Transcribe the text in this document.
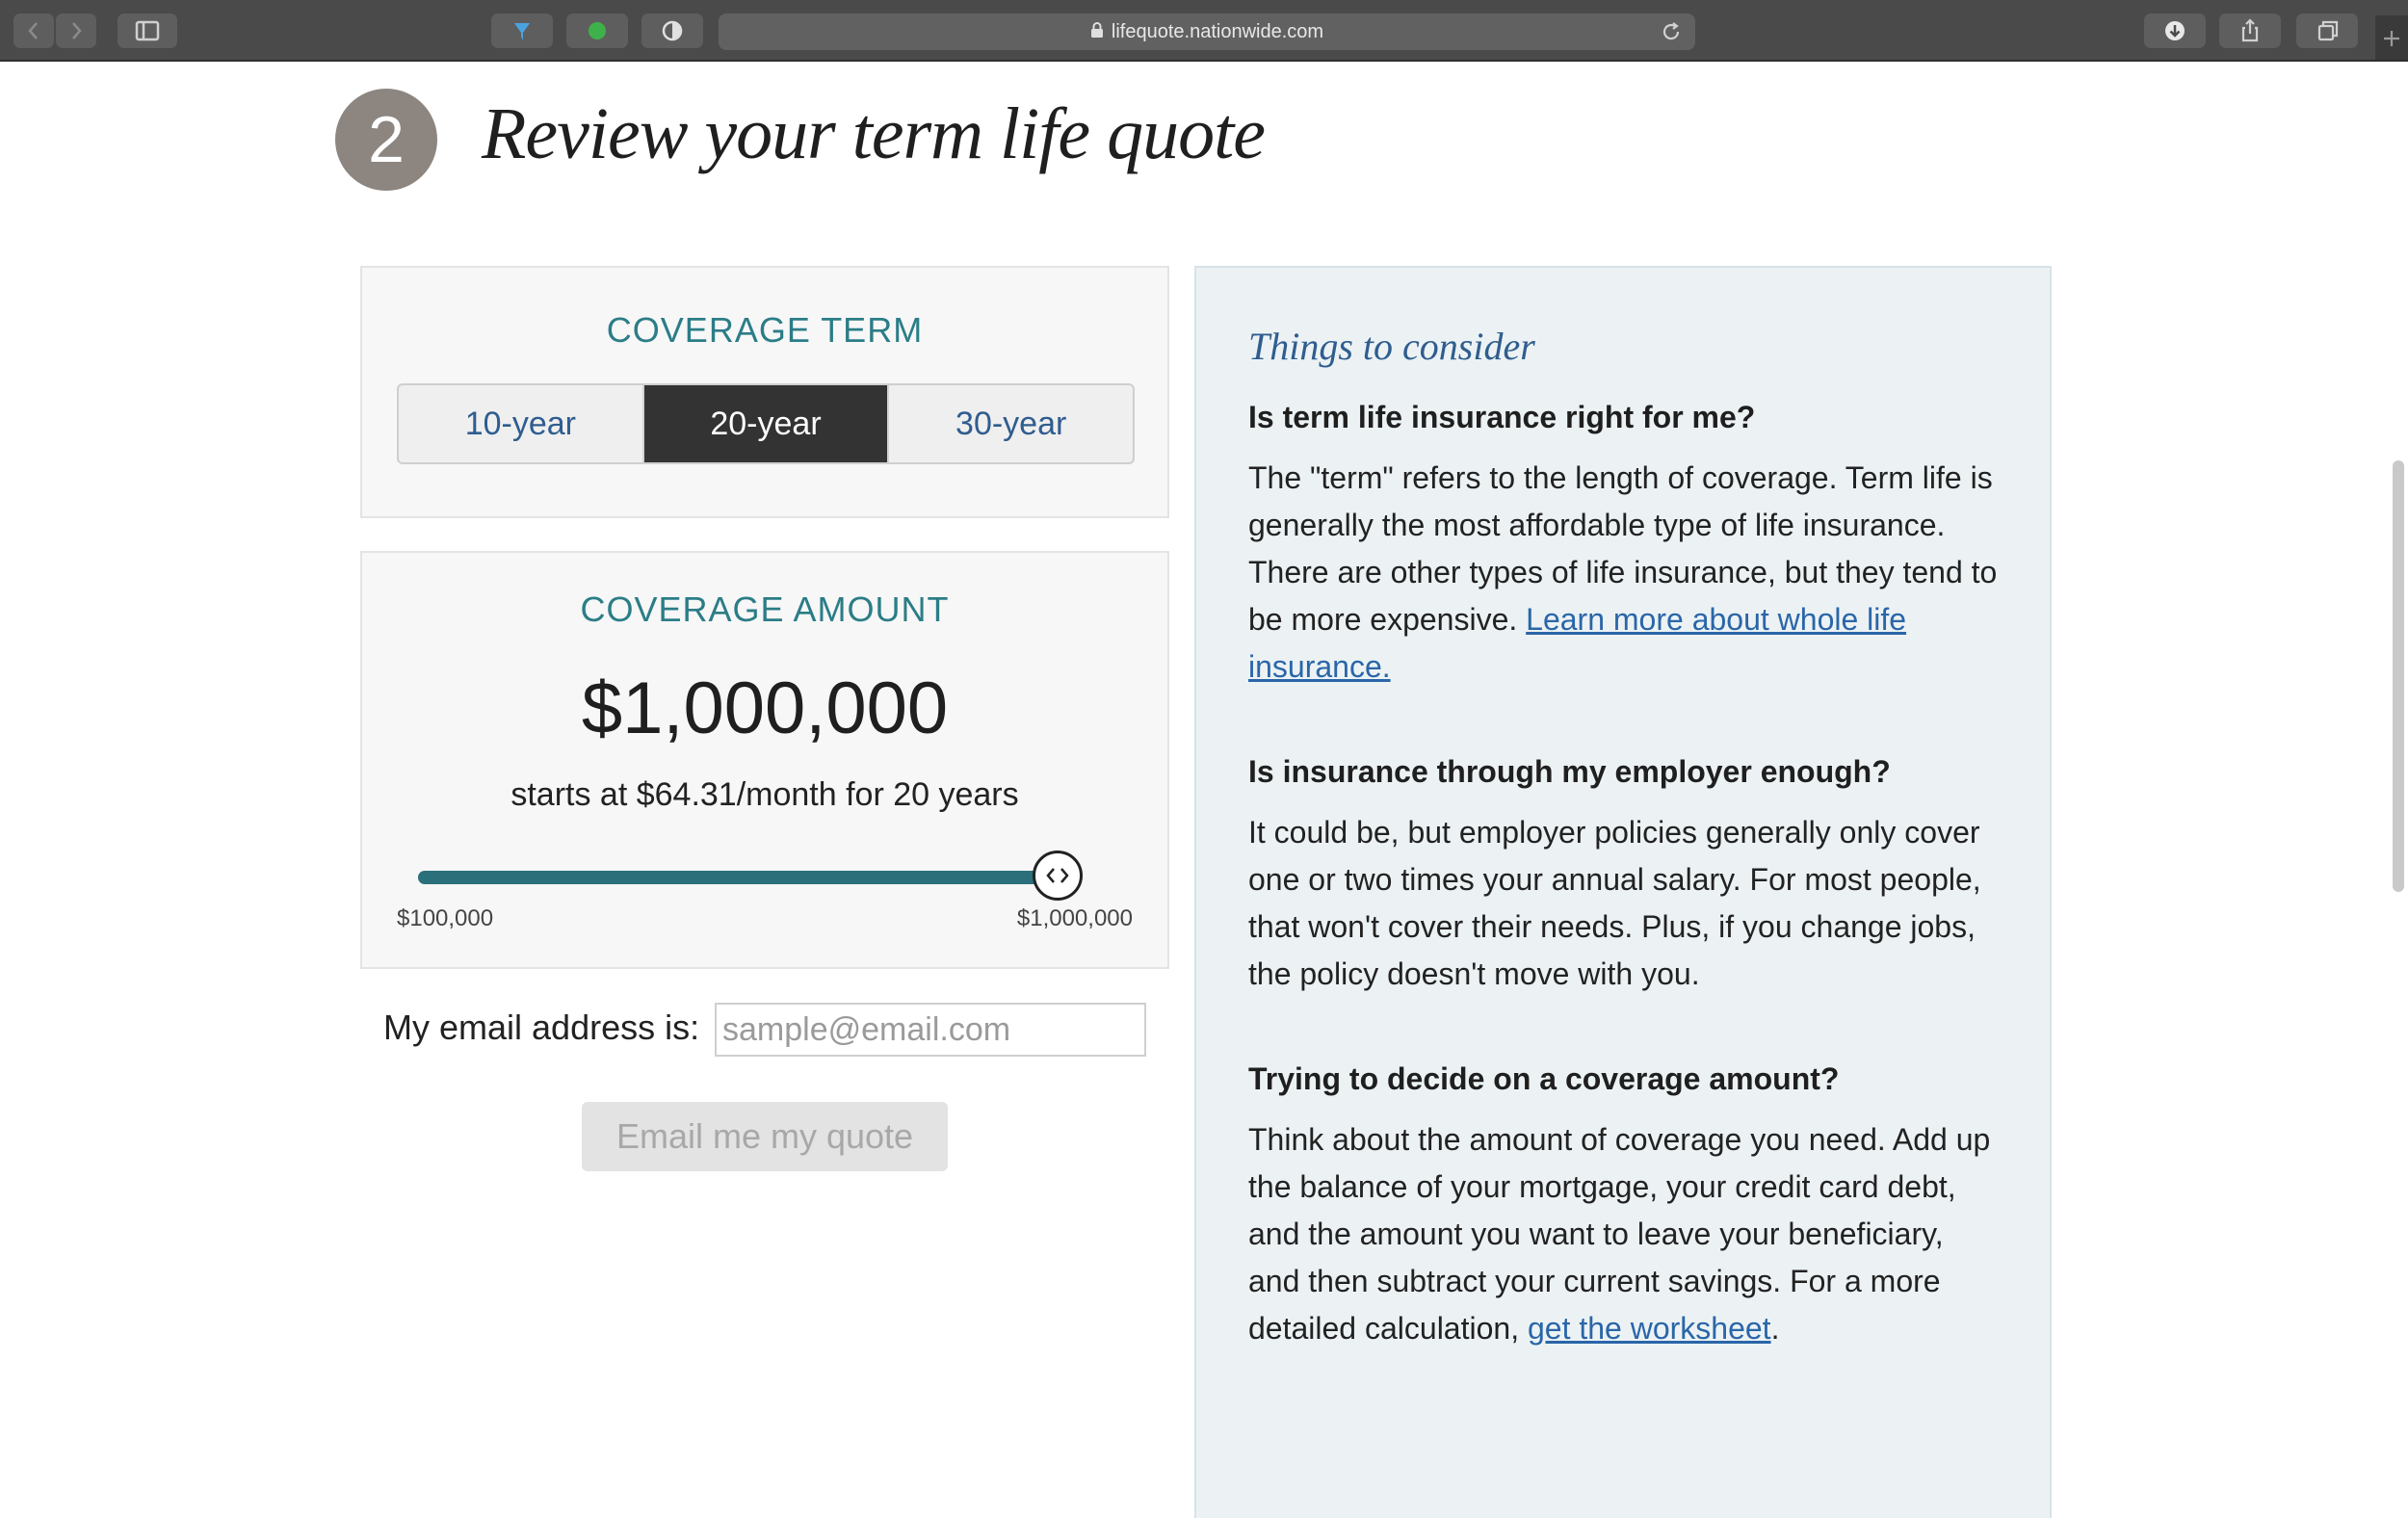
lifequote.nationwide.com
2	Review your term life quote
COVERAGE TERM
10-year	20-year	30-year
COVERAGE AMOUNT
$1,000,000
starts at $64.31/month for 20 years
$100,000	$1,000,000
My email address is:
sample@email.com
Email me my quote
Things to consider

Is term life insurance right for me?

The "term" refers to the length of coverage. Term life is generally the most affordable type of life insurance. There are other types of life insurance, but they tend to be more expensive. Learn more about whole life insurance.

Is insurance through my employer enough?

It could be, but employer policies generally only cover one or two times your annual salary. For most people, that won't cover their needs. Plus, if you change jobs, the policy doesn't move with you.

Trying to decide on a coverage amount?

Think about the amount of coverage you need. Add up the balance of your mortgage, your credit card debt, and the amount you want to leave your beneficiary, and then subtract your current savings. For a more detailed calculation, get the worksheet.
